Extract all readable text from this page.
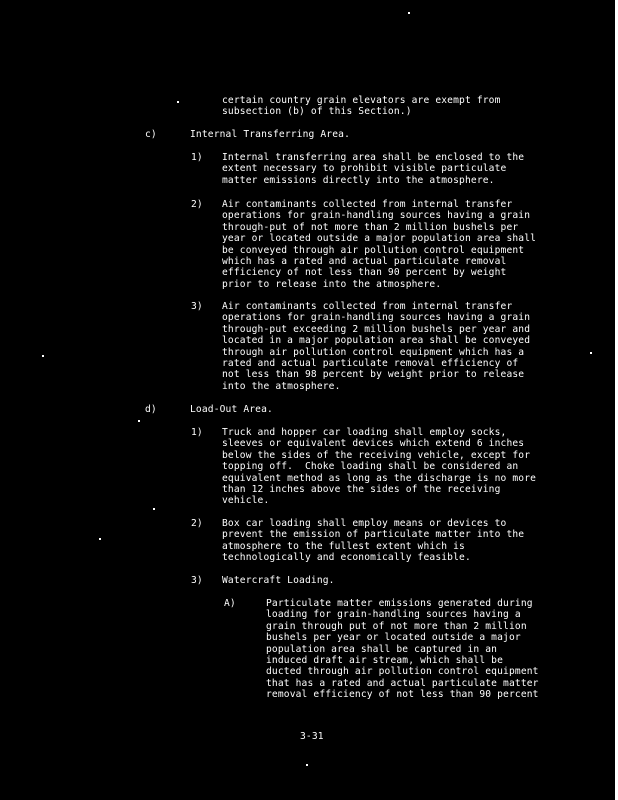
certain country grain elevators are exempt from
subsection (b) of this Section.)
c)	Internal Transferring Area.
1) Internal transferring area shall be enclosed to the
extent necessary to prohibit visible particulate
matter emissions directly into the atmosphere.
2) Air contaminants collected from internal transfer
operations for grain-handling sources having a grain
through-put of not more than 2 million bushels per
year or located outside a major population area shall
be conveyed through air pollution control equipment
which has a rated and actual particulate removal
efficiency of not less than 90 percent by weight
prior to release into the atmosphere.
3) Air contaminants collected from internal transfer
operations for grain-handling sources having a grain
through-put exceeding 2 million bushels per year and
located in a major population area shall be conveyed
through air pollution control equipment which has a
rated and actual particulate removal efficiency of
not less than 98 percent by weight prior to release
into the atmosphere.
d)	Load-Out Area.
1) Truck and hopper car loading shall employ socks,
sleeves or equivalent devices which extend 6 inches
below the sides of the receiving vehicle, except for
topping off.  Choke loading shall be considered an
equivalent method as long as the discharge is no more
than 12 inches above the sides of the receiving
vehicle.
2) Box car loading shall employ means or devices to
prevent the emission of particulate matter into the
atmosphere to the fullest extent which is
technologically and economically feasible.
3) Watercraft Loading.
A)	Particulate matter emissions generated during
loading for grain-handling sources having a
grain through put of not more than 2 million
bushels per year or located outside a major
population area shall be captured in an
induced draft air stream, which shall be
ducted through air pollution control equipment
that has a rated and actual particulate matter
removal efficiency of not less than 90 percent
3-31
